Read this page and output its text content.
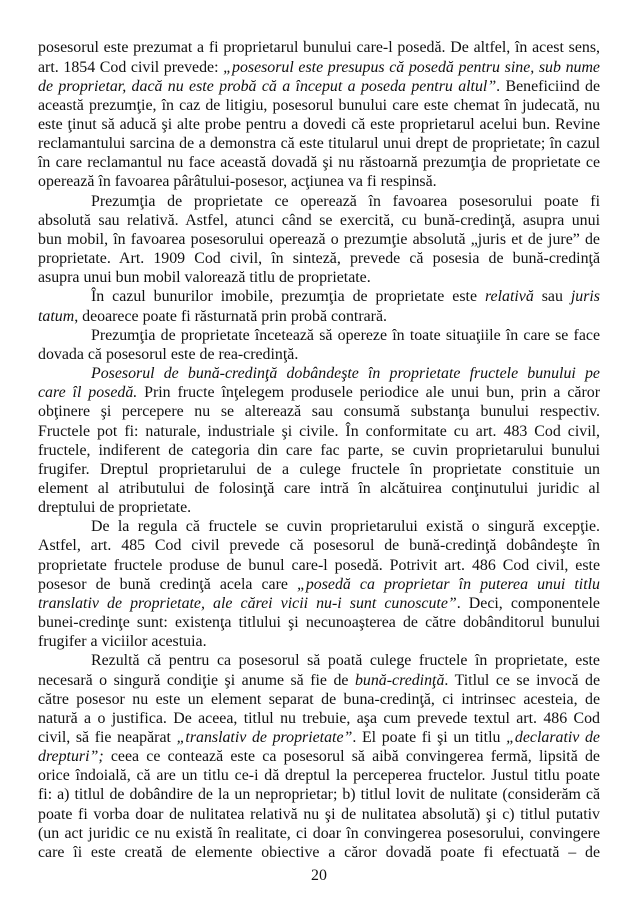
posesorul este prezumat a fi proprietarul bunului care-l posedă. De altfel, în acest sens,
art. 1854 Cod civil prevede: „posesorul este presupus că posedă pentru sine, sub nume
de proprietar, dacă nu este probă că a început a poseda pentru altul”. Beneficiind de
această prezumţie, în caz de litigiu, posesorul bunului care este chemat în judecată, nu
este ţinut să aducă şi alte probe pentru a dovedi că este proprietarul acelui bun. Revine
reclamantului sarcina de a demonstra că este titularul unui drept de proprietate; în cazul
în care reclamantul nu face această dovadă şi nu răstoarnă prezumţia de proprietate ce
operează în favoarea pârâtului-posesor, acţiunea va fi respinsă.
Prezumţia de proprietate ce operează în favoarea posesorului poate fi
absolută sau relativă. Astfel, atunci când se exercită, cu bună-credinţă, asupra unui
bun mobil, în favoarea posesorului operează o prezumţie absolută „juris et de jure” de
proprietate. Art. 1909 Cod civil, în sinteză, prevede că posesia de bună-credinţă
asupra unui bun mobil valorează titlu de proprietate.
În cazul bunurilor imobile, prezumţia de proprietate este relativă sau juris
tatum, deoarece poate fi răsturnată prin probă contrară.
Prezumţia de proprietate încetează să opereze în toate situaţiile în care se face
dovada că posesorul este de rea-credinţă.
Posesorul de bună-credinţă dobândeşte în proprietate fructele bunului pe
care îl posedă. Prin fructe înţelegem produsele periodice ale unui bun, prin a căror
obţinere şi percepere nu se alterează sau consumă substanţa bunului respectiv.
Fructele pot fi: naturale, industriale şi civile. În conformitate cu art. 483 Cod civil,
fructele, indiferent de categoria din care fac parte, se cuvin proprietarului bunului
frugifer. Dreptul proprietarului de a culege fructele în proprietate constituie un
element al atributului de folosinţă care intră în alcătuirea conţinutului juridic al
dreptului de proprietate.
De la regula că fructele se cuvin proprietarului există o singură excepţie.
Astfel, art. 485 Cod civil prevede că posesorul de bună-credinţă dobândeşte în
proprietate fructele produse de bunul care-l posedă. Potrivit art. 486 Cod civil, este
posesor de bună credinţă acela care „posedă ca proprietar în puterea unui titlu
translativ de proprietate, ale cărei vicii nu-i sunt cunoscute”. Deci, componentele
bunei-credinţe sunt: existenţa titlului şi necunoaşterea de către dobânditorul bunului
frugifer a viciilor acestuia.
Rezultă că pentru ca posesorul să poată culege fructele în proprietate, este
necesară o singură condiţie şi anume să fie de bună-credinţă. Titlul ce se invocă de
către posesor nu este un element separat de buna-credinţă, ci intrinsec acesteia, de
natură a o justifica. De aceea, titlul nu trebuie, aşa cum prevede textul art. 486 Cod
civil, să fie neapărat „translativ de proprietate”. El poate fi şi un titlu „declarativ de
drepturi”; ceea ce contează este ca posesorul să aibă convingerea fermă, lipsită de
orice îndoială, că are un titlu ce-i dă dreptul la perceperea fructelor. Justul titlu poate
fi: a) titlul de dobândire de la un neproprietar; b) titlul lovit de nulitate (considerăm că
poate fi vorba doar de nulitatea relativă nu şi de nulitatea absolută) şi c) titlul putativ
(un act juridic ce nu există în realitate, ci doar în convingerea posesorului, convingere
care îi este creată de elemente obiective a căror dovadă poate fi efectuată – de
20
